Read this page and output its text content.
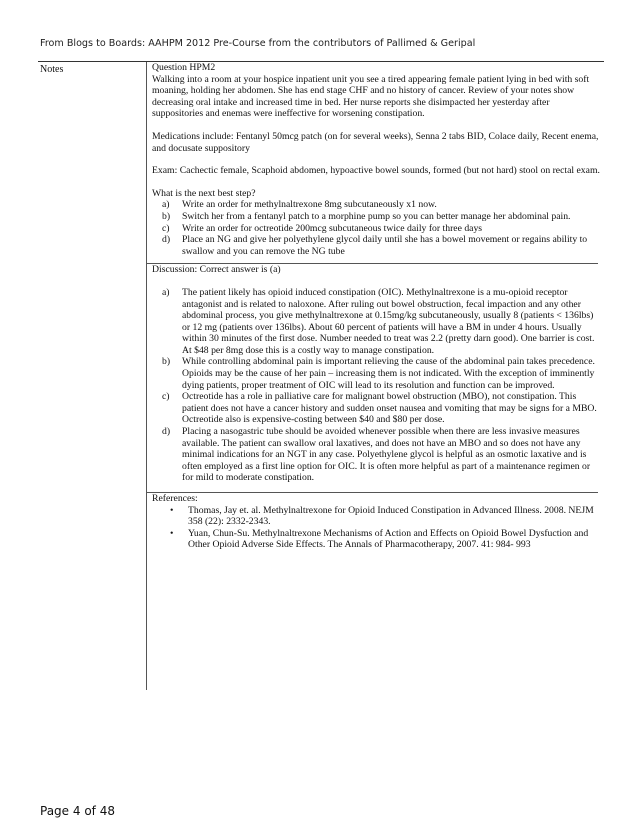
From Blogs to Boards: AAHPM 2012 Pre-Course from the contributors of Pallimed & Geripal
Notes	Question HPM2

Walking into a room at your hospice inpatient unit you see a tired appearing female patient lying in bed with soft moaning, holding her abdomen. She has end stage CHF and no history of cancer. Review of your notes show decreasing oral intake and increased time in bed. Her nurse reports she disimpacted her yesterday after suppositories and enemas were ineffective for worsening constipation.

Medications include: Fentanyl 50mcg patch (on for several weeks), Senna 2 tabs BID, Colace daily, Recent enema, and docusate suppository

Exam: Cachectic female, Scaphoid abdomen, hypoactive bowel sounds, formed (but not hard) stool on rectal exam.

What is the next best step?

a)	Write an order for methylnaltrexone 8mg subcutaneously x1 now.
b)	Switch her from a fentanyl patch to a morphine pump so you can better manage her abdominal pain.
c)	Write an order for octreotide 200mcg subcutaneous twice daily for three days
d)	Place an NG and give her polyethylene glycol daily until she has a bowel movement or regains ability to swallow and you can remove the NG tube

Discussion: Correct answer is (a)

a)	The patient likely has opioid induced constipation (OIC). Methylnaltrexone is a mu-opioid receptor antagonist and is related to naloxone. After ruling out bowel obstruction, fecal impaction and any other abdominal process, you give methylnaltrexone at 0.15mg/kg subcutaneously, usually 8 (patients < 136lbs) or 12 mg (patients over 136lbs). About 60 percent of patients will have a BM in under 4 hours. Usually within 30 minutes of the first dose. Number needed to treat was 2.2 (pretty darn good). One barrier is cost. At $48 per 8mg dose this is a costly way to manage constipation.
b)	While controlling abdominal pain is important relieving the cause of the abdominal pain takes precedence. Opioids may be the cause of her pain – increasing them is not indicated. With the exception of imminently dying patients, proper treatment of OIC will lead to its resolution and function can be improved.
c)	Octreotide has a role in palliative care for malignant bowel obstruction (MBO), not constipation. This patient does not have a cancer history and sudden onset nausea and vomiting that may be signs for a MBO. Octreotide also is expensive-costing between $40 and $80 per dose.
d)	Placing a nasogastric tube should be avoided whenever possible when there are less invasive measures available. The patient can swallow oral laxatives, and does not have an MBO and so does not have any minimal indications for an NGT in any case. Polyethylene glycol is helpful as an osmotic laxative and is often employed as a first line option for OIC. It is often more helpful as part of a maintenance regimen or for mild to moderate constipation.

References:

•	Thomas, Jay et. al. Methylnaltrexone for Opioid Induced Constipation in Advanced Illness. 2008. NEJM 358 (22): 2332-2343.
•	Yuan, Chun-Su. Methylnaltrexone Mechanisms of Action and Effects on Opioid Bowel Dysfuction and Other Opioid Adverse Side Effects. The Annals of Pharmacotherapy, 2007. 41: 984- 993
Page 4 of 48
